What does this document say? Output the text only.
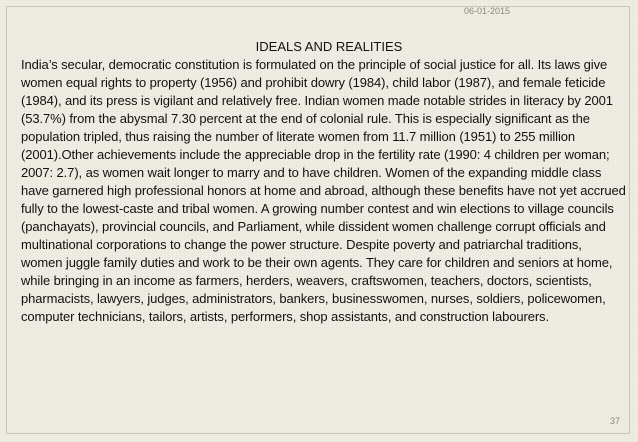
06-01-2015
IDEALS AND REALITIES

India’s secular, democratic constitution is formulated on the principle of social justice for all. Its laws give women equal rights to property (1956) and prohibit dowry (1984), child labor (1987), and female feticide (1984), and its press is vigilant and relatively free. Indian women made notable strides in literacy by 2001 (53.7%) from the abysmal 7.30 percent at the end of colonial rule. This is especially significant as the population tripled, thus raising the number of literate women from 11.7 million (1951) to 255 million (2001).Other achievements include the appreciable drop in the fertility rate (1990: 4 children per woman; 2007: 2.7), as women wait longer to marry and to have children. Women of the expanding middle class have garnered high professional honors at home and abroad, although these benefits have not yet accrued fully to the lowest-caste and tribal women. A growing number contest and win elections to village councils (panchayats), provincial councils, and Parliament, while dissident women challenge corrupt officials and multinational corporations to change the power structure. Despite poverty and patriarchal traditions, women juggle family duties and work to be their own agents. They care for children and seniors at home, while bringing in an income as farmers, herders, weavers, craftswomen, teachers, doctors, scientists, pharmacists, lawyers, judges, administrators, bankers, businesswomen, nurses, soldiers, policewomen, computer technicians, tailors, artists, performers, shop assistants, and construction labourers.

37
